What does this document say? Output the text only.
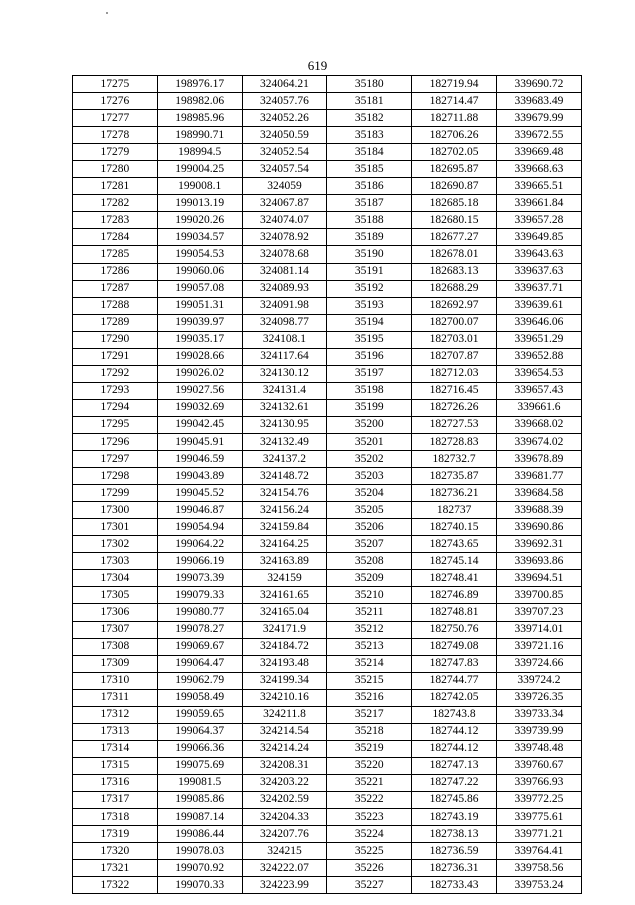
619
17275	198976.17	324064.21	35180	182719.94	339690.72
17276	198982.06	324057.76	35181	182714.47	339683.49
17277	198985.96	324052.26	35182	182711.88	339679.99
17278	198990.71	324050.59	35183	182706.26	339672.55
17279	198994.5	324052.54	35184	182702.05	339669.48
17280	199004.25	324057.54	35185	182695.87	339668.63
17281	199008.1	324059	35186	182690.87	339665.51
17282	199013.19	324067.87	35187	182685.18	339661.84
17283	199020.26	324074.07	35188	182680.15	339657.28
17284	199034.57	324078.92	35189	182677.27	339649.85
17285	199054.53	324078.68	35190	182678.01	339643.63
17286	199060.06	324081.14	35191	182683.13	339637.63
17287	199057.08	324089.93	35192	182688.29	339637.71
17288	199051.31	324091.98	35193	182692.97	339639.61
17289	199039.97	324098.77	35194	182700.07	339646.06
17290	199035.17	324108.1	35195	182703.01	339651.29
17291	199028.66	324117.64	35196	182707.87	339652.88
17292	199026.02	324130.12	35197	182712.03	339654.53
17293	199027.56	324131.4	35198	182716.45	339657.43
17294	199032.69	324132.61	35199	182726.26	339661.6
17295	199042.45	324130.95	35200	182727.53	339668.02
17296	199045.91	324132.49	35201	182728.83	339674.02
17297	199046.59	324137.2	35202	182732.7	339678.89
17298	199043.89	324148.72	35203	182735.87	339681.77
17299	199045.52	324154.76	35204	182736.21	339684.58
17300	199046.87	324156.24	35205	182737	339688.39
17301	199054.94	324159.84	35206	182740.15	339690.86
17302	199064.22	324164.25	35207	182743.65	339692.31
17303	199066.19	324163.89	35208	182745.14	339693.86
17304	199073.39	324159	35209	182748.41	339694.51
17305	199079.33	324161.65	35210	182746.89	339700.85
17306	199080.77	324165.04	35211	182748.81	339707.23
17307	199078.27	324171.9	35212	182750.76	339714.01
17308	199069.67	324184.72	35213	182749.08	339721.16
17309	199064.47	324193.48	35214	182747.83	339724.66
17310	199062.79	324199.34	35215	182744.77	339724.2
17311	199058.49	324210.16	35216	182742.05	339726.35
17312	199059.65	324211.8	35217	182743.8	339733.34
17313	199064.37	324214.54	35218	182744.12	339739.99
17314	199066.36	324214.24	35219	182744.12	339748.48
17315	199075.69	324208.31	35220	182747.13	339760.67
17316	199081.5	324203.22	35221	182747.22	339766.93
17317	199085.86	324202.59	35222	182745.86	339772.25
17318	199087.14	324204.33	35223	182743.19	339775.61
17319	199086.44	324207.76	35224	182738.13	339771.21
17320	199078.03	324215	35225	182736.59	339764.41
17321	199070.92	324222.07	35226	182736.31	339758.56
17322	199070.33	324223.99	35227	182733.43	339753.24
